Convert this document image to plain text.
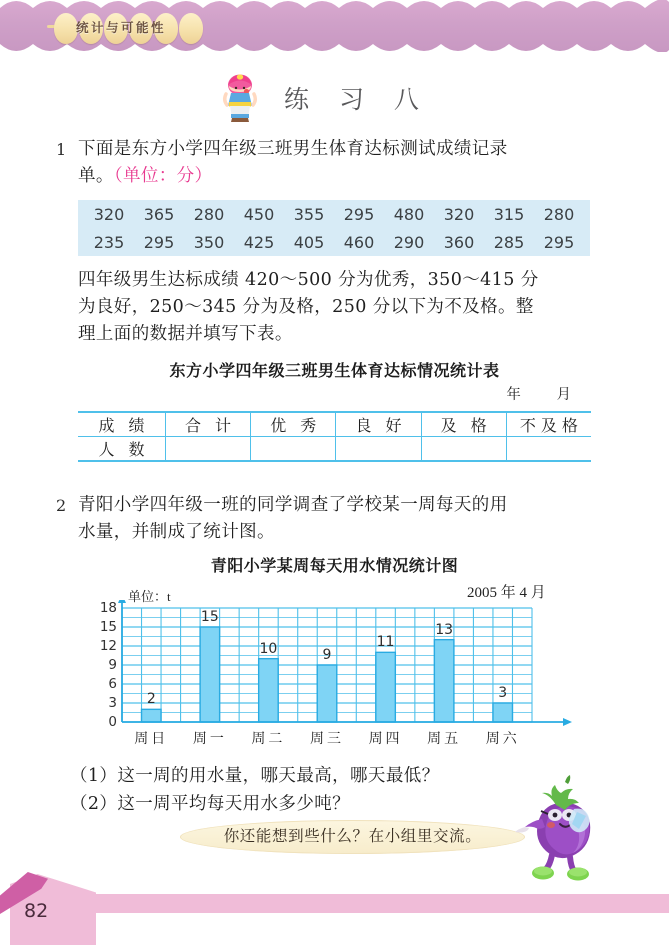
统计与可能性
练 习 八
1 下面是东方小学四年级三班男生体育达标测试成绩记录
单。（单位：分）
320	365	280	450	355	295	480	320	315	280
235	295	350	425	405	460	290	360	285	295
四年级男生达标成绩 420～500 分为优秀，350～415 分
为良好，250～345 分为及格，250 分以下为不及格。整
理上面的数据并填写下表。
东方小学四年级三班男生体育达标情况统计表
年 月
成 绩	合 计	优 秀	良 好	及 格	不及格
人 数					
2 青阳小学四年级一班的同学调查了学校某一周每天的用
水量，并制成了统计图。
青阳小学某周每天用水情况统计图
2005 年 4 月
单位：t
2
15
10	9
11
13
3
0
3
6
9
12
15
18
周日	周一	周二	周三	周四	周五	周六
（1）这一周的用水量，哪天最高，哪天最低？
（2）这一周平均每天用水多少吨？
你还能想到些什么？在小组里交流。
82
